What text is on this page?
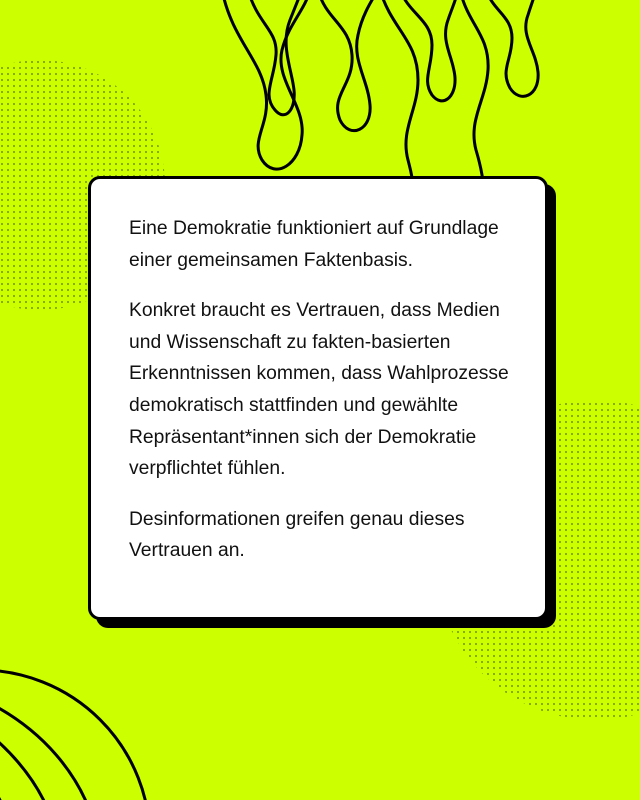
Eine Demokratie funktioniert auf Grundlage einer gemeinsamen Faktenbasis.

Konkret braucht es Vertrauen, dass Medien und Wissenschaft zu fakten-basierten Erkenntnissen kommen, dass Wahlprozesse demokratisch stattfinden und gewählte Repräsentant*innen sich der Demokratie verpflichtet fühlen.

Desinformationen greifen genau dieses Vertrauen an.
